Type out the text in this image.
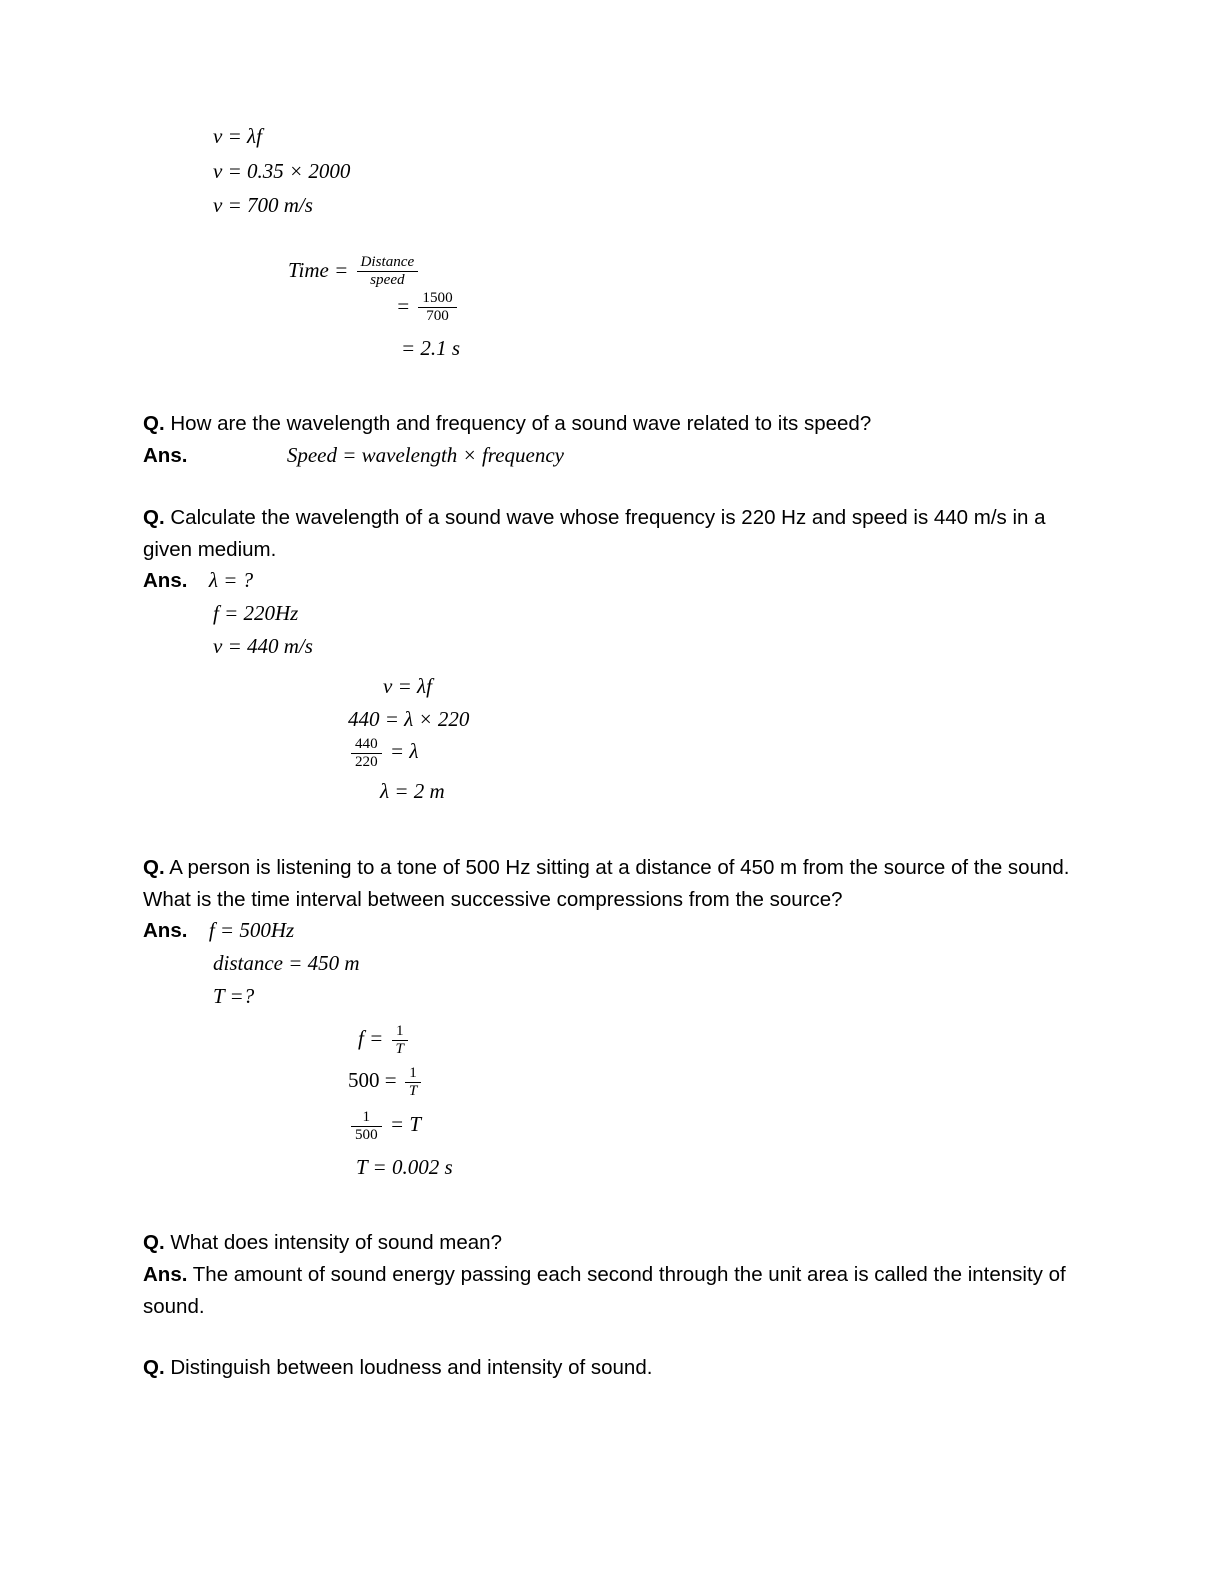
v = λf
v = 0.35 × 2000
v = 700 m/s
Time = $\frac{\text{Distance}}{\text{speed}}$
= $\frac{1500}{700}$
= 2.1 s
Q. How are the wavelength and frequency of a sound wave related to its speed?
Ans.	Speed = wavelength × frequency
Q. Calculate the wavelength of a sound wave whose frequency is 220 Hz and speed is 440 m/s in a given medium.
Ans. λ = ?
f = 220Hz
v = 440 m/s
v = λf
440 = λ × 220
$\frac{440}{220} = \lambda$
λ = 2 m
Q. A person is listening to a tone of 500 Hz sitting at a distance of 450 m from the source of the sound. What is the time interval between successive compressions from the source?
Ans. f = 500Hz
distance = 450 m
T =?
$f = \frac{1}{T}$
$500 = \frac{1}{T}$
$\frac{1}{500} = T$
T = 0.002 s
Q. What does intensity of sound mean?
Ans. The amount of sound energy passing each second through the unit area is called the intensity of sound.
Q. Distinguish between loudness and intensity of sound.
